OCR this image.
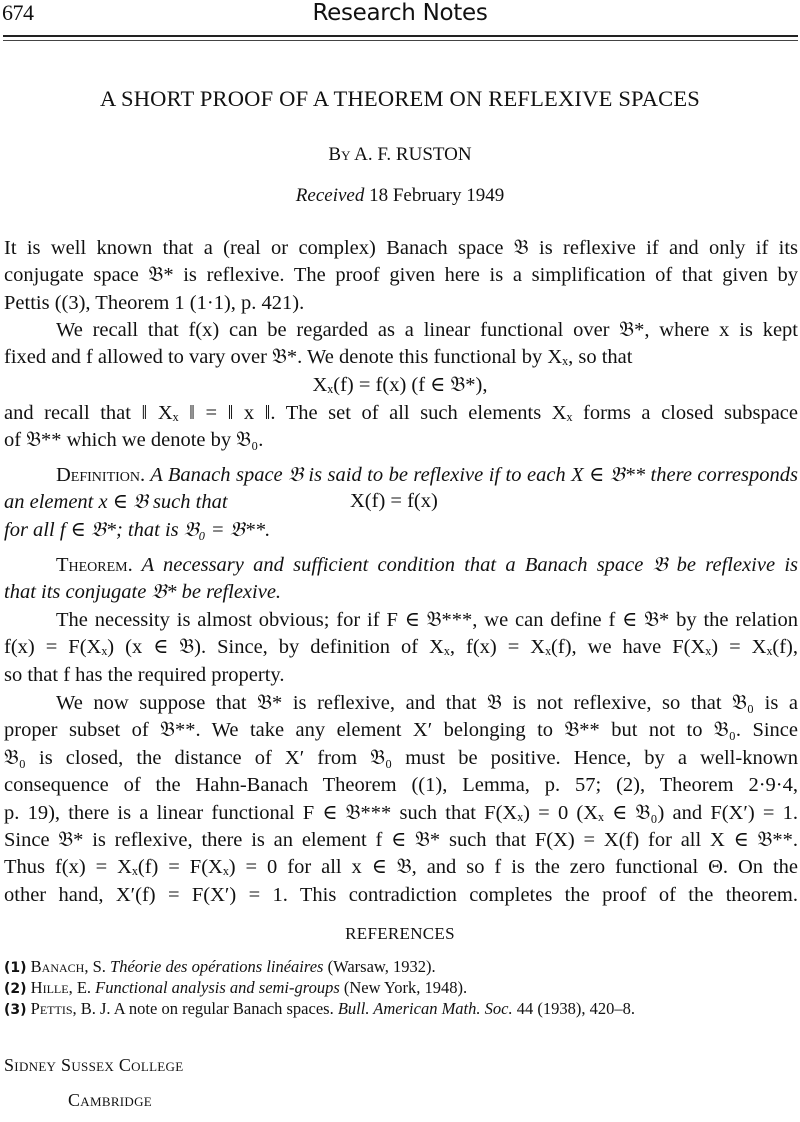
674	Research Notes
A SHORT PROOF OF A THEOREM ON REFLEXIVE SPACES
By A. F. RUSTON
Received 18 February 1949
It is well known that a (real or complex) Banach space 𝔅 is reflexive if and only if its
conjugate space 𝔅* is reflexive. The proof given here is a simplification of that given by
Pettis ((3), Theorem 1 (1·1), p. 421).
We recall that f(x) can be regarded as a linear functional over 𝔅*, where x is kept
fixed and f allowed to vary over 𝔅*. We denote this functional by Xₓ, so that
Xₓ(f) = f(x) (f ∈ 𝔅*),
and recall that ‖ Xₓ ‖ = ‖ x ‖. The set of all such elements Xₓ forms a closed subspace
of 𝔅** which we denote by 𝔅₀.
Definition. A Banach space 𝔅 is said to be reflexive if to each X ∈ 𝔅** there corresponds
an element x ∈ 𝔅 such that
for all f ∈ 𝔅*; that is 𝔅₀ = 𝔅**.
X(f) = f(x)
Theorem. A necessary and sufficient condition that a Banach space 𝔅 be reflexive is
that its conjugate 𝔅* be reflexive.
The necessity is almost obvious; for if F ∈ 𝔅***, we can define f ∈ 𝔅* by the relation
f(x) = F(Xₓ) (x ∈ 𝔅). Since, by definition of Xₓ, f(x) = Xₓ(f), we have F(Xₓ) = Xₓ(f),
so that f has the required property.
We now suppose that 𝔅* is reflexive, and that 𝔅 is not reflexive, so that 𝔅₀ is a
proper subset of 𝔅**. We take any element X′ belonging to 𝔅** but not to 𝔅₀. Since
𝔅₀ is closed, the distance of X′ from 𝔅₀ must be positive. Hence, by a well-known
consequence of the Hahn-Banach Theorem ((1), Lemma, p. 57; (2), Theorem 2·9·4,
p. 19), there is a linear functional F ∈ 𝔅*** such that F(Xₓ) = 0 (Xₓ ∈ 𝔅₀) and F(X′) = 1.
Since 𝔅* is reflexive, there is an element f ∈ 𝔅* such that F(X) = X(f) for all X ∈ 𝔅**.
Thus f(x) = Xₓ(f) = F(Xₓ) = 0 for all x ∈ 𝔅, and so f is the zero functional Θ. On the
other hand, X′(f) = F(X′) = 1. This contradiction completes the proof of the theorem.
REFERENCES
(1) Banach, S. Théorie des opérations linéaires (Warsaw, 1932).
(2) Hille, E. Functional analysis and semi-groups (New York, 1948).
(3) Pettis, B. J. A note on regular Banach spaces. Bull. American Math. Soc. 44 (1938), 420–8.
Sidney Sussex College
Cambridge
